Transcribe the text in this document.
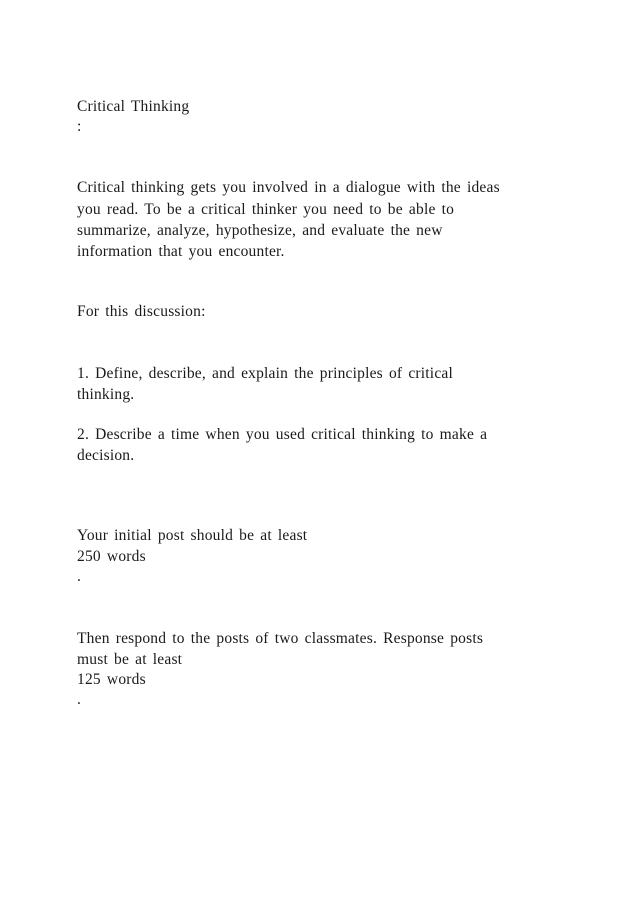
Critical Thinking
:
Critical thinking gets you involved in a dialogue with the ideas
you read. To be a critical thinker you need to be able to
summarize, analyze, hypothesize, and evaluate the new
information that you encounter.
For this discussion:
1. Define, describe, and explain the principles of critical
thinking.
2. Describe a time when you used critical thinking to make a
decision.
Your initial post should be at least
250 words
.
Then respond to the posts of two classmates. Response posts
must be at least
125 words
.
